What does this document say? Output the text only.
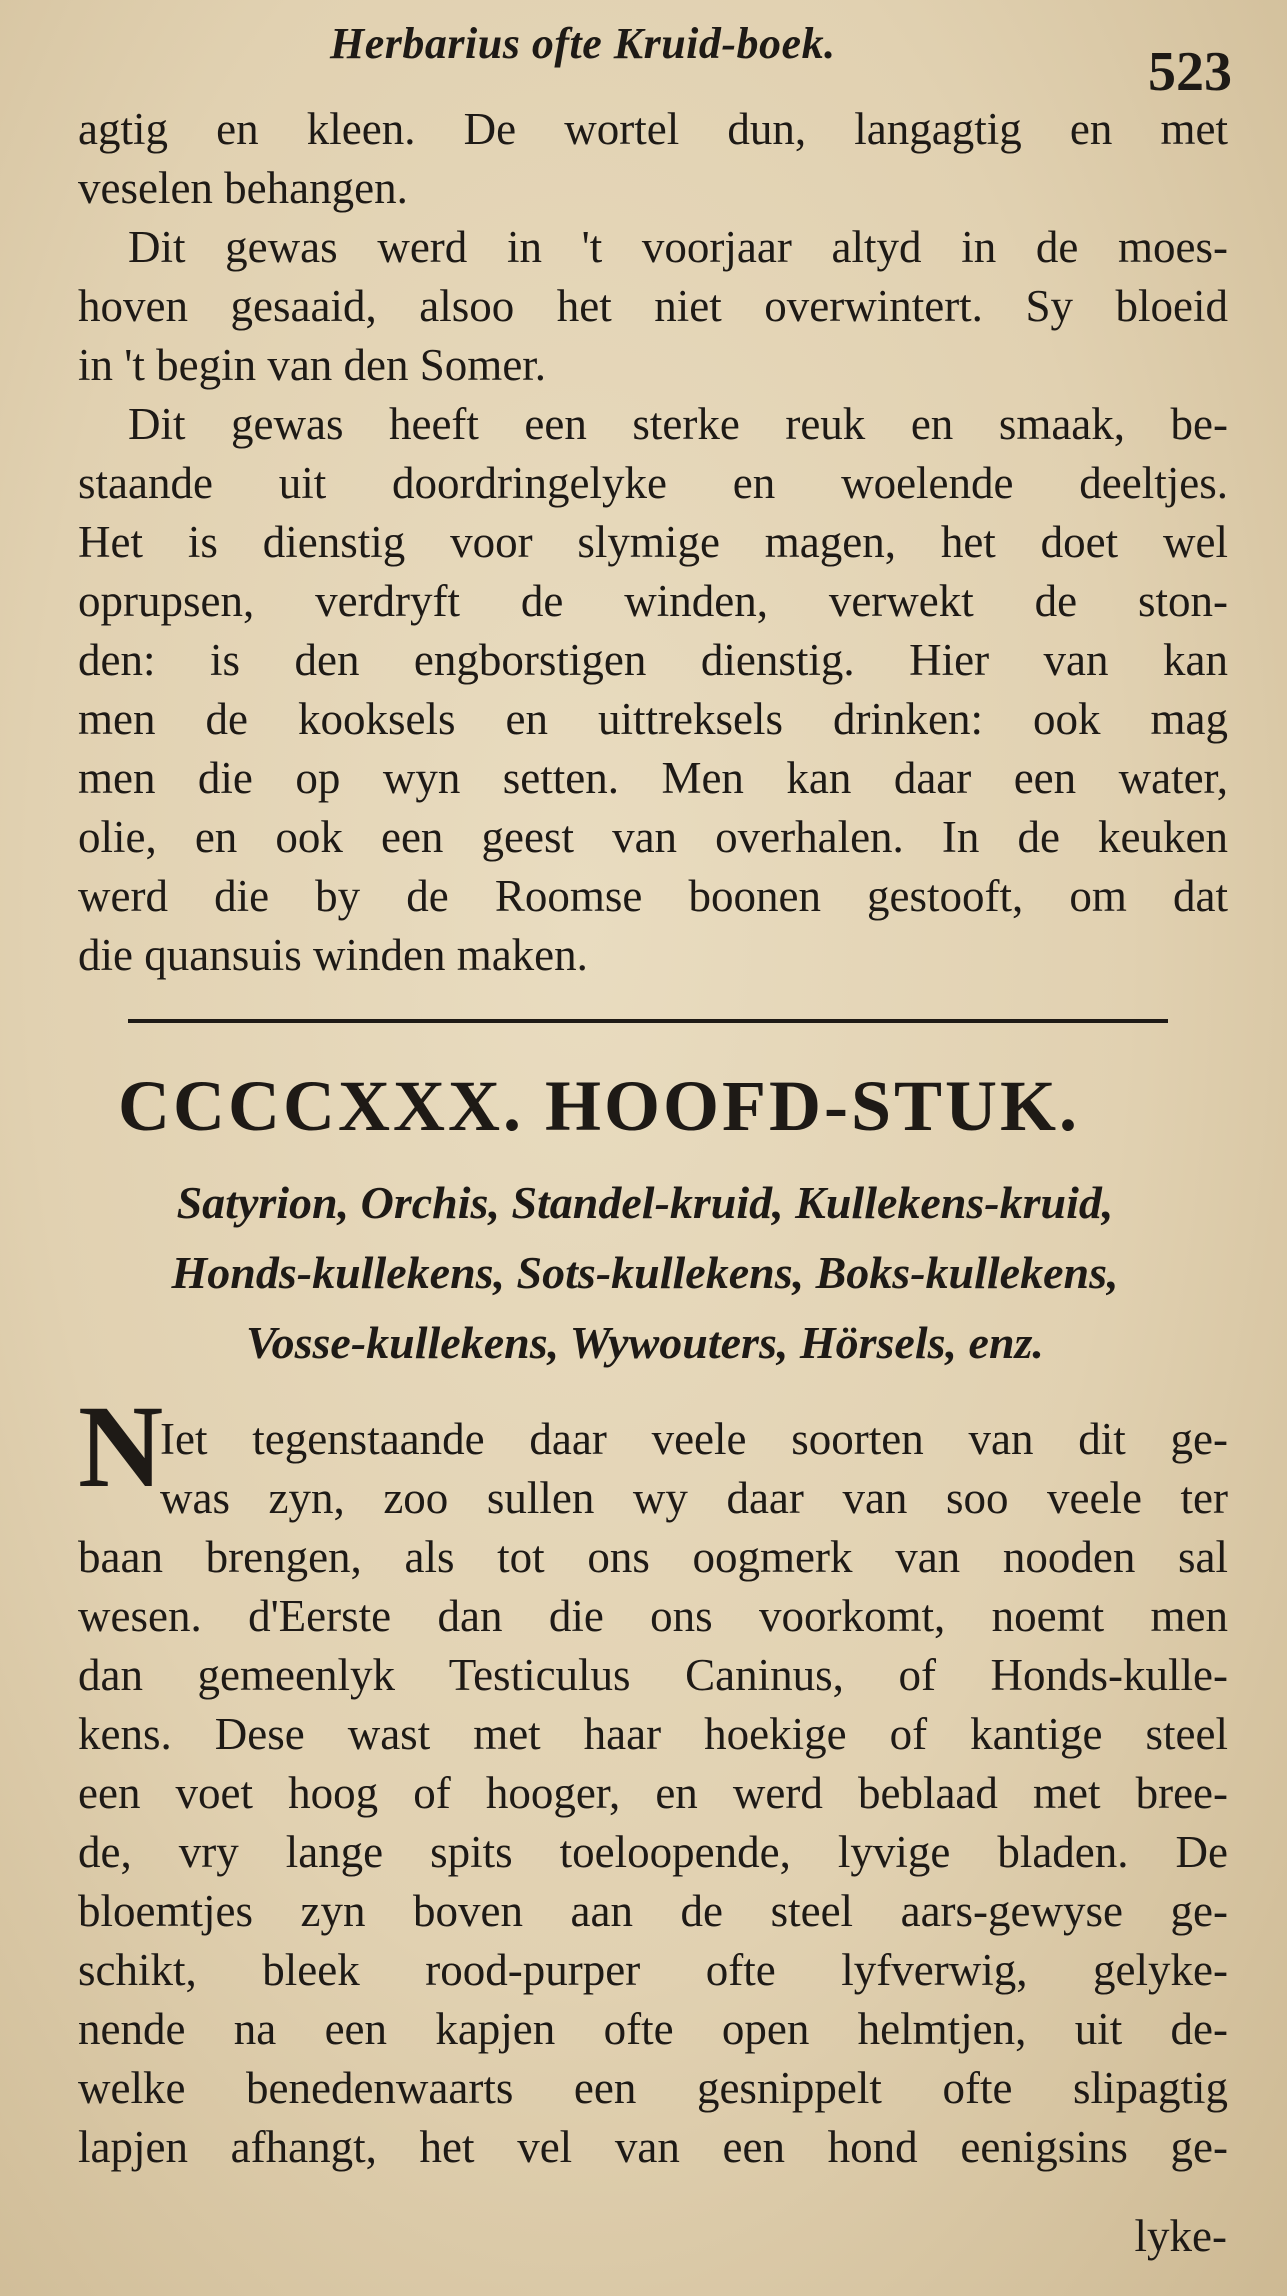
Herbarius ofte Kruid-boek.	523
agtig en kleen. De wortel dun, langagtig en met
veselen behangen.
Dit gewas werd in 't voorjaar altyd in de moes-
hoven gesaaid, alsoo het niet overwintert. Sy bloeid
in 't begin van den Somer.
Dit gewas heeft een sterke reuk en smaak, be-
staande uit doordringelyke en woelende deeltjes.
Het is dienstig voor slymige magen, het doet wel
oprupsen, verdryft de winden, verwekt de ston-
den: is den engborstigen dienstig. Hier van kan
men de kooksels en uittreksels drinken: ook mag
men die op wyn setten. Men kan daar een water,
olie, en ook een geest van overhalen. In de keuken
werd die by de Roomse boonen gestooft, om dat
die quansuis winden maken.
CCCCXXX. HOOFD-STUK.
Satyrion, Orchis, Standel-kruid, Kullekens-kruid,
Honds-kullekens, Sots-kullekens, Boks-kullekens,
Vosse-kullekens, Wywouters, Hörsels, enz.
N
Iet tegenstaande daar veele soorten van dit ge-
was zyn, zoo sullen wy daar van soo veele ter
baan brengen, als tot ons oogmerk van nooden sal
wesen. d'Eerste dan die ons voorkomt, noemt men
dan gemeenlyk Testiculus Caninus, of Honds-kulle-
kens. Dese wast met haar hoekige of kantige steel
een voet hoog of hooger, en werd beblaad met bree-
de, vry lange spits toeloopende, lyvige bladen. De
bloemtjes zyn boven aan de steel aars-gewyse ge-
schikt, bleek rood-purper ofte lyfverwig, gelyke-
nende na een kapjen ofte open helmtjen, uit de-
welke benedenwaarts een gesnippelt ofte slipagtig
lapjen afhangt, het vel van een hond eenigsins ge-
lyke-
